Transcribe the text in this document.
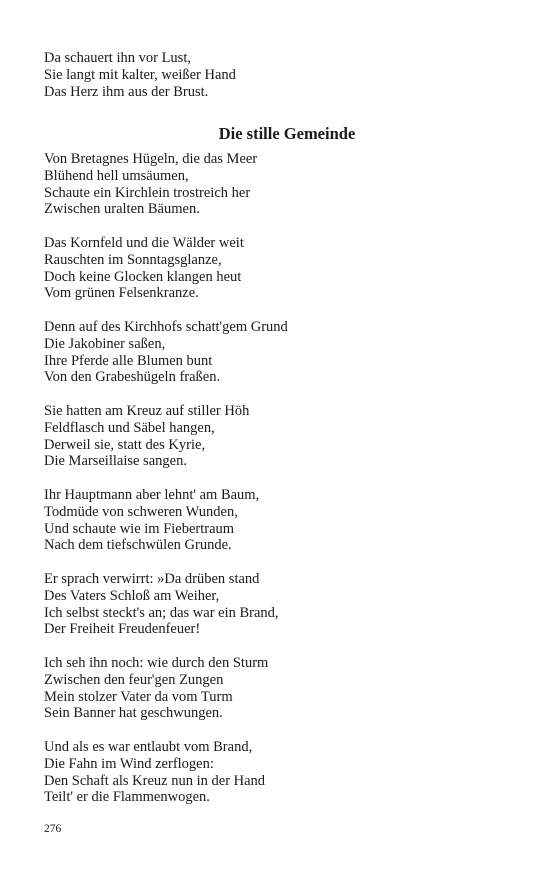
Da schauert ihn vor Lust,
Sie langt mit kalter, weißer Hand
Das Herz ihm aus der Brust.
Die stille Gemeinde
Von Bretagnes Hügeln, die das Meer
Blühend hell umsäumen,
Schaute ein Kirchlein trostreich her
Zwischen uralten Bäumen.
Das Kornfeld und die Wälder weit
Rauschten im Sonntagsglanze,
Doch keine Glocken klangen heut
Vom grünen Felsenkranze.
Denn auf des Kirchhofs schatt'gem Grund
Die Jakobiner saßen,
Ihre Pferde alle Blumen bunt
Von den Grabeshügeln fraßen.
Sie hatten am Kreuz auf stiller Höh
Feldflasch und Säbel hangen,
Derweil sie, statt des Kyrie,
Die Marseillaise sangen.
Ihr Hauptmann aber lehnt' am Baum,
Todmüde von schweren Wunden,
Und schaute wie im Fiebertraum
Nach dem tiefschwülen Grunde.
Er sprach verwirrt: »Da drüben stand
Des Vaters Schloß am Weiher,
Ich selbst steckt's an; das war ein Brand,
Der Freiheit Freudenfeuer!
Ich seh ihn noch: wie durch den Sturm
Zwischen den feur'gen Zungen
Mein stolzer Vater da vom Turm
Sein Banner hat geschwungen.
Und als es war entlaubt vom Brand,
Die Fahn im Wind zerflogen:
Den Schaft als Kreuz nun in der Hand
Teilt' er die Flammenwogen.
276
